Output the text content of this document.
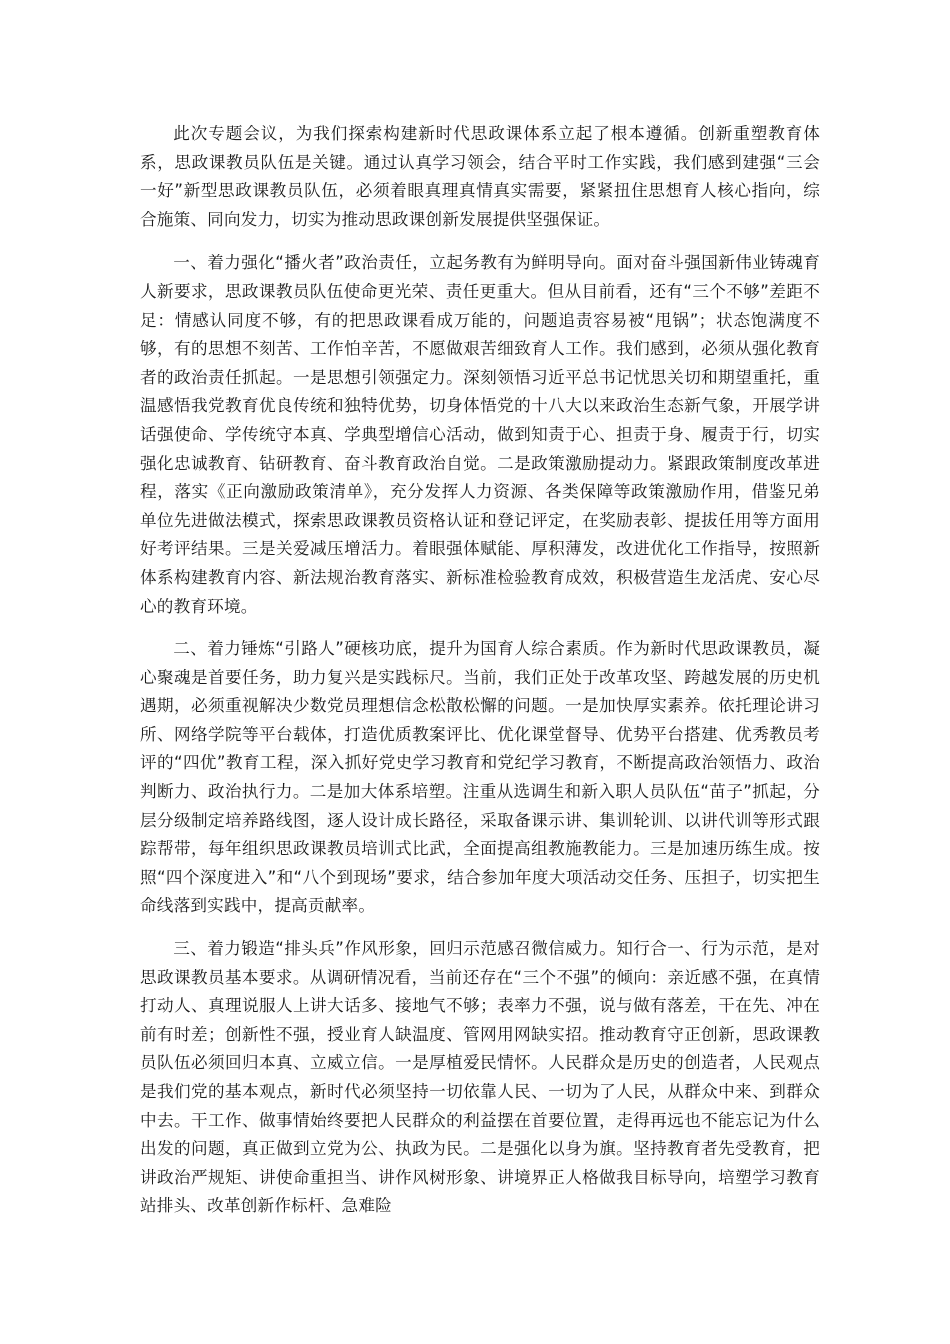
此次专题会议，为我们探索构建新时代思政课体系立起了根本遵循。创新重塑教育体系，思政课教员队伍是关键。通过认真学习领会，结合平时工作实践，我们感到建强“三会一好”新型思政课教员队伍，必须着眼真理真情真实需要，紧紧扭住思想育人核心指向，综合施策、同向发力，切实为推动思政课创新发展提供坚强保证。

一、着力强化“播火者”政治责任，立起务教有为鲜明导向。面对奋斗强国新伟业铸魂育人新要求，思政课教员队伍使命更光荣、责任更重大。但从目前看，还有“三个不够”差距不足：情感认同度不够，有的把思政课看成万能的，问题追责容易被“甩锅”；状态饱满度不够，有的思想不刻苦、工作怕辛苦，不愿做艰苦细致育人工作。我们感到，必须从强化教育者的政治责任抓起。一是思想引领强定力。深刻领悟习近平总书记忧思关切和期望重托，重温感悟我党教育优良传统和独特优势，切身体悟党的十八大以来政治生态新气象，开展学讲话强使命、学传统守本真、学典型增信心活动，做到知责于心、担责于身、履责于行，切实强化忠诚教育、钻研教育、奋斗教育政治自觉。二是政策激励提动力。紧跟政策制度改革进程，落实《正向激励政策清单》，充分发挥人力资源、各类保障等政策激励作用，借鉴兄弟单位先进做法模式，探索思政课教员资格认证和登记评定，在奖励表彰、提拔任用等方面用好考评结果。三是关爱减压增活力。着眼强体赋能、厚积薄发，改进优化工作指导，按照新体系构建教育内容、新法规治教育落实、新标准检验教育成效，积极营造生龙活虎、安心尽心的教育环境。

二、着力锤炼“引路人”硬核功底，提升为国育人综合素质。作为新时代思政课教员，凝心聚魂是首要任务，助力复兴是实践标尺。当前，我们正处于改革攻坚、跨越发展的历史机遇期，必须重视解决少数党员理想信念松散松懈的问题。一是加快厚实素养。依托理论讲习所、网络学院等平台载体，打造优质教案评比、优化课堂督导、优势平台搭建、优秀教员考评的“四优”教育工程，深入抓好党史学习教育和党纪学习教育，不断提高政治领悟力、政治判断力、政治执行力。二是加大体系培塑。注重从选调生和新入职人员队伍“苗子”抓起，分层分级制定培养路线图，逐人设计成长路径，采取备课示讲、集训轮训、以讲代训等形式跟踪帮带，每年组织思政课教员培训式比武，全面提高组教施教能力。三是加速历练生成。按照“四个深度进入”和“八个到现场”要求，结合参加年度大项活动交任务、压担子，切实把生命线落到实践中，提高贡献率。

三、着力锻造“排头兵”作风形象，回归示范感召微信威力。知行合一、行为示范，是对思政课教员基本要求。从调研情况看，当前还存在“三个不强”的倾向：亲近感不强，在真情打动人、真理说服人上讲大话多、接地气不够；表率力不强，说与做有落差，干在先、冲在前有时差；创新性不强，授业育人缺温度、管网用网缺实招。推动教育守正创新，思政课教员队伍必须回归本真、立威立信。一是厚植爱民情怀。人民群众是历史的创造者，人民观点是我们党的基本观点，新时代必须坚持一切依靠人民、一切为了人民，从群众中来、到群众中去。干工作、做事情始终要把人民群众的利益摆在首要位置，走得再远也不能忘记为什么出发的问题，真正做到立党为公、执政为民。二是强化以身为旗。坚持教育者先受教育，把讲政治严规矩、讲使命重担当、讲作风树形象、讲境界正人格做我目标导向，培塑学习教育站排头、改革创新作标杆、急难险
